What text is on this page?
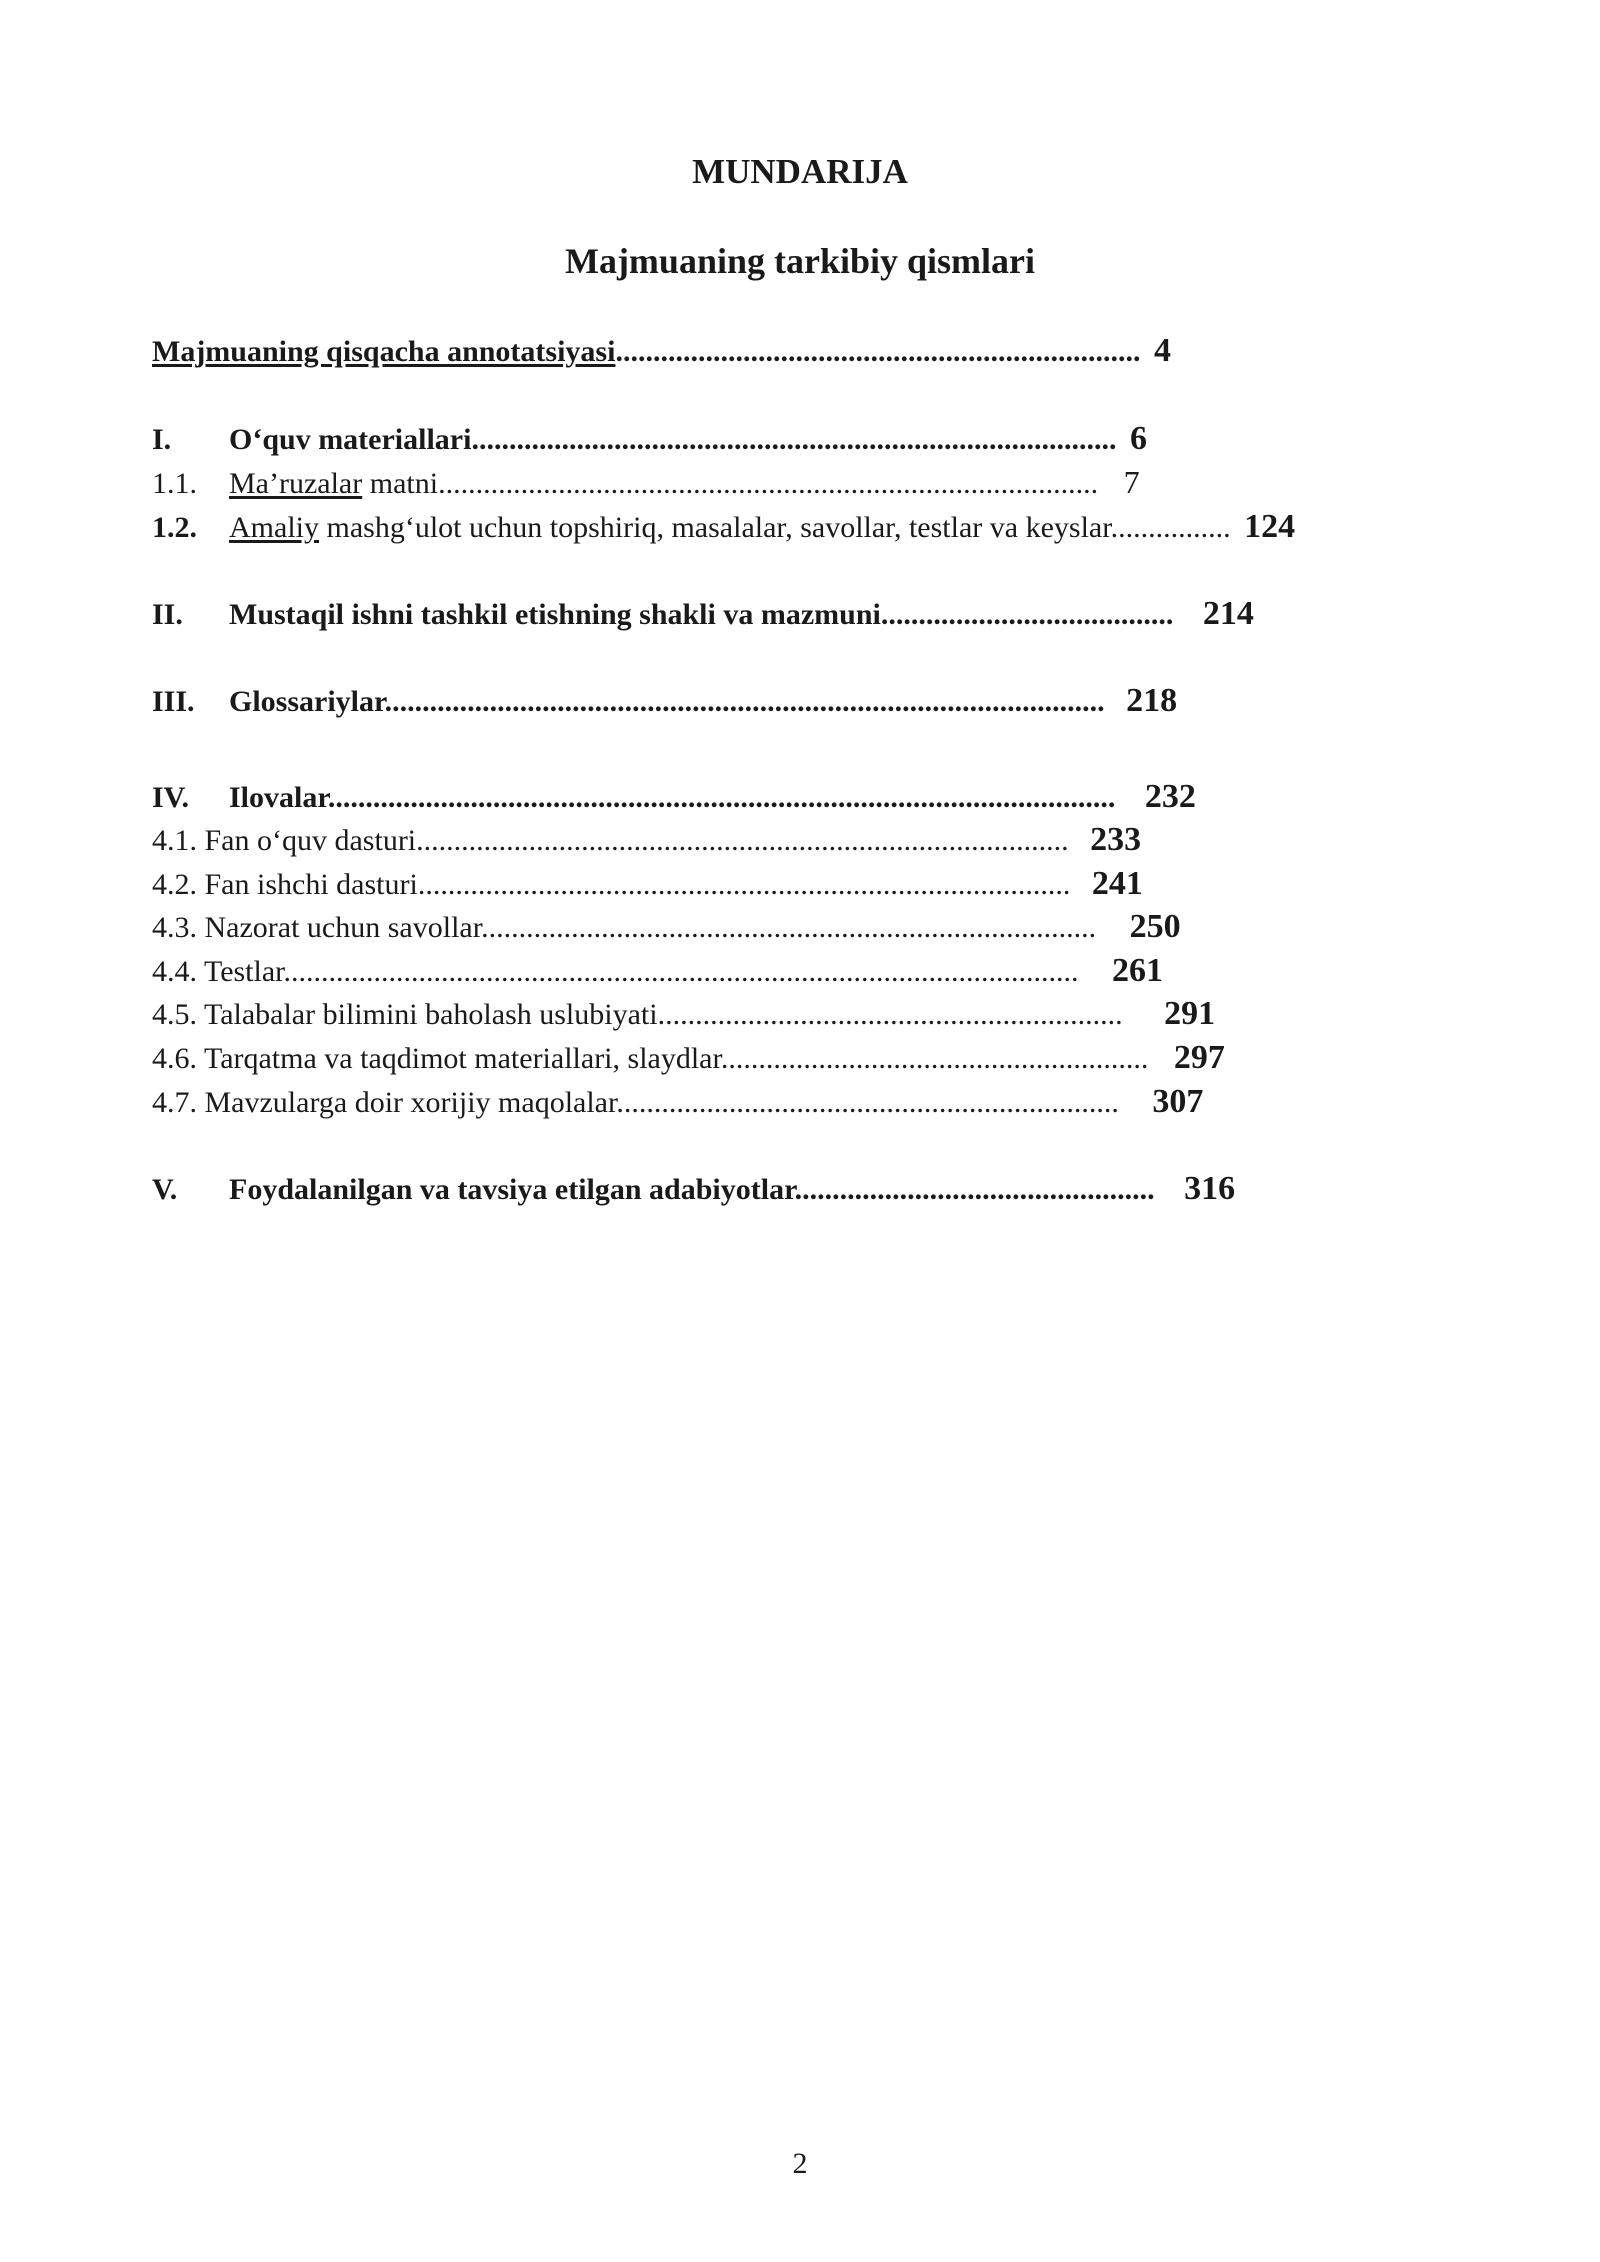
MUNDARIJA
Majmuaning tarkibiy qismlari
Majmuaning qisqacha annotatsiyasi...................................................................... 4
I. O‘quv materiallari...................................................................................... 6
1.1. Ma’ruzalar matni........................................................................................ 7
1.2. Amaliy mashg‘ulot uchun topshiriq, masalalar, savollar, testlar va keyslar................ 124
II. Mustaqil ishni tashkil etishning shakli va mazmuni....................................... 214
III. Glossariylar................................................................................................ 218
IV. Ilovalar......................................................................................................... 232
4.1. Fan o‘quv dasturi....................................................................................... 233
4.2. Fan ishchi dasturi....................................................................................... 241
4.3. Nazorat uchun savollar.................................................................................. 250
4.4. Testlar.......................................................................................................... 261
4.5. Talabalar bilimini baholash uslubiyati.............................................................. 291
4.6. Tarqatma va taqdimot materiallari, slaydlar......................................................... 297
4.7. Mavzularga doir xorijiy maqolalar................................................................... 307
V. Foydalanilgan va tavsiya etilgan adabiyotlar................................................ 316
2
